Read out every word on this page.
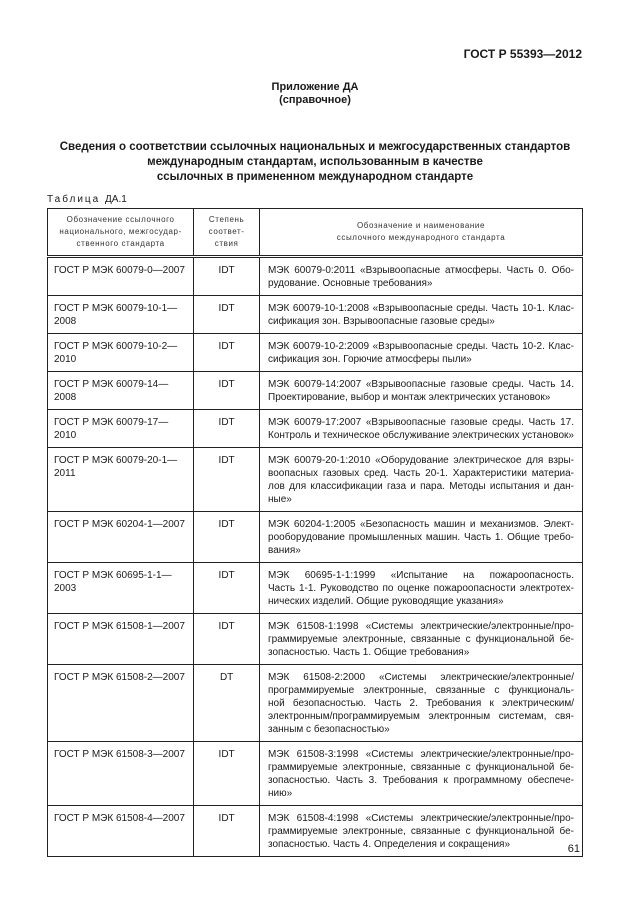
ГОСТ Р 55393—2012
Приложение ДА
(справочное)
Сведения о соответствии ссылочных национальных и межгосударственных стандартов
международным стандартам, использованным в качестве
ссылочных в примененном международном стандарте
Таблица ДА.1
Обозначение ссылочного
национального, межгосудар-
ственного стандарта	Степень
соответ-
ствия	Обозначение и наименование
ссылочного международного стандарта

ГОСТ Р МЭК 60079-0—2007	IDT	МЭК 60079-0:2011 «Взрывоопасные атмосферы. Часть 0. Обо-
рудование. Основные требования»

ГОСТ Р МЭК 60079-10-1—2008	IDT	МЭК 60079-10-1:2008 «Взрывоопасные среды. Часть 10-1. Клас-
сификация зон. Взрывоопасные газовые среды»

ГОСТ Р МЭК 60079-10-2—2010	IDT	МЭК 60079-10-2:2009 «Взрывоопасные среды. Часть 10-2. Клас-
сификация зон. Горючие атмосферы пыли»

ГОСТ Р МЭК 60079-14—2008	IDT	МЭК 60079-14:2007 «Взрывоопасные газовые среды. Часть 14.
Проектирование, выбор и монтаж электрических установок»

ГОСТ Р МЭК 60079-17—2010	IDT	МЭК 60079-17:2007 «Взрывоопасные газовые среды. Часть 17.
Контроль и техническое обслуживание электрических установок»

ГОСТ Р МЭК 60079-20-1—2011	IDT	МЭК 60079-20-1:2010 «Оборудование электрическое для взры-
воопасных газовых сред. Часть 20-1. Характеристики материа-
лов для классификации газа и пара. Методы испытания и дан-
ные»

ГОСТ Р МЭК 60204-1—2007	IDT	МЭК 60204-1:2005 «Безопасность машин и механизмов. Элект-
рооборудование промышленных машин. Часть 1. Общие требо-
вания»

ГОСТ Р МЭК 60695-1-1—2003	IDT	МЭК 60695-1-1:1999 «Испытание на пожароопасность.
Часть 1-1. Руководство по оценке пожароопасности электротех-
нических изделий. Общие руководящие указания»

ГОСТ Р МЭК 61508-1—2007	IDT	МЭК 61508-1:1998 «Системы электрические/электронные/про-
граммируемые электронные, связанные с функциональной бе-
зопасностью. Часть 1. Общие требования»

ГОСТ Р МЭК 61508-2—2007	DT	МЭК 61508-2:2000 «Системы электрические/электронные/
программируемые электронные, связанные с функциональ-
ной безопасностью. Часть 2. Требования к электрическим/
электронным/программируемым электронным системам, свя-
занным с безопасностью»

ГОСТ Р МЭК 61508-3—2007	IDT	МЭК 61508-3:1998 «Системы электрические/электронные/про-
граммируемые электронные, связанные с функциональной бе-
зопасностью. Часть 3. Требования к программному обеспече-
нию»

ГОСТ Р МЭК 61508-4—2007	IDT	МЭК 61508-4:1998 «Системы электрические/электронные/про-
граммируемые электронные, связанные с функциональной бе-
зопасностью. Часть 4. Определения и сокращения»	61
